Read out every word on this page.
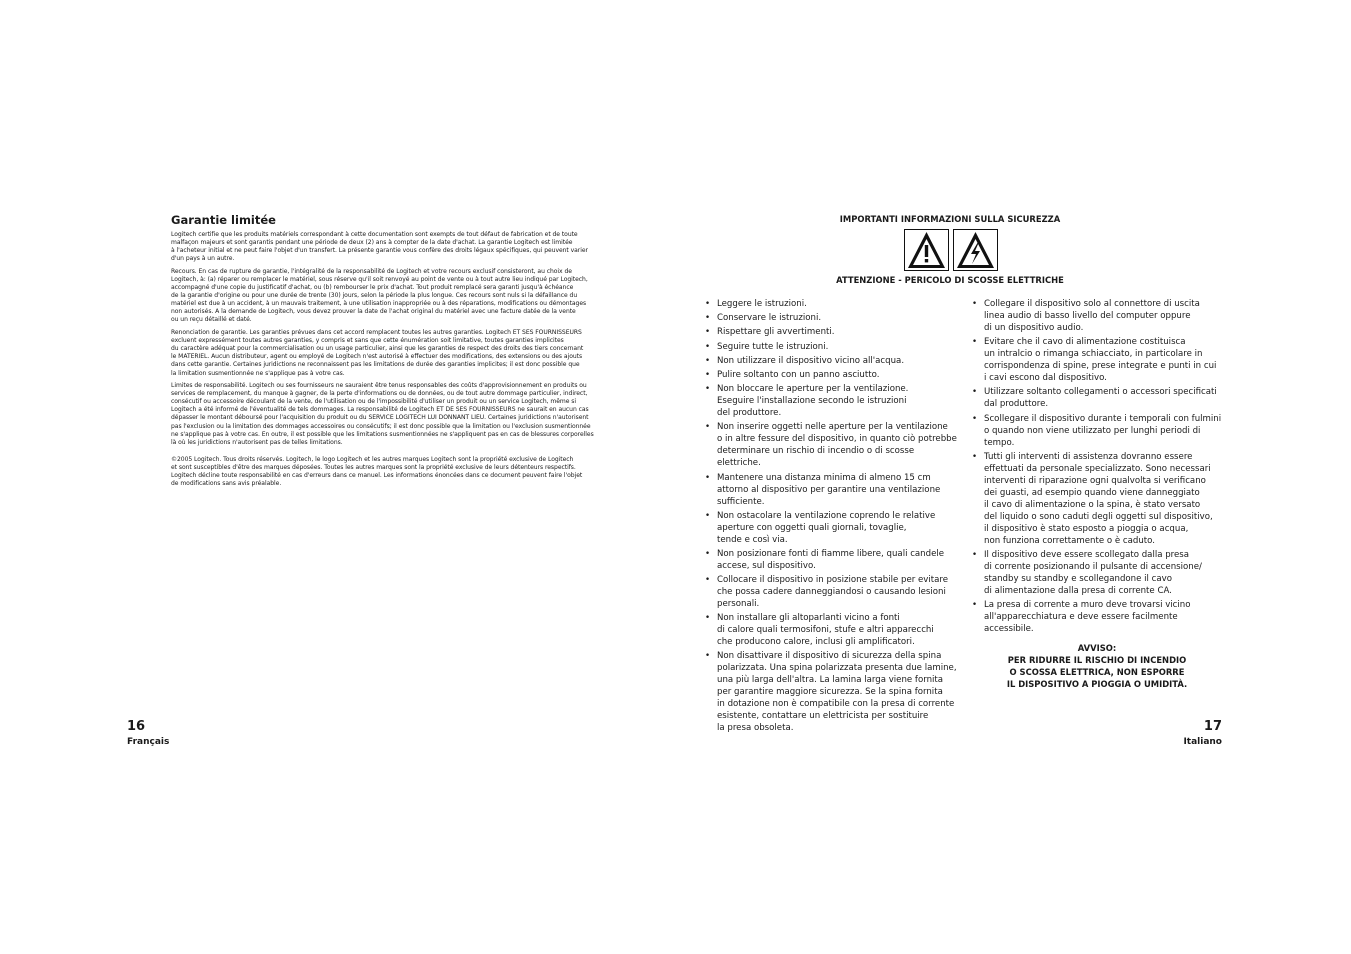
Garantie limitée

Logitech certifie que les produits matériels correspondant à cette documentation sont exempts de tout défaut de fabrication et de toute
malfaçon majeurs et sont garantis pendant une période de deux (2) ans à compter de la date d'achat. La garantie Logitech est limitée
à l'acheteur initial et ne peut faire l'objet d'un transfert. La présente garantie vous confère des droits légaux spécifiques, qui peuvent varier
d'un pays à un autre.

Recours. En cas de rupture de garantie, l'intégralité de la responsabilité de Logitech et votre recours exclusif consisteront, au choix de
Logitech, à: (a) réparer ou remplacer le matériel, sous réserve qu'il soit renvoyé au point de vente ou à tout autre lieu indiqué par Logitech,
accompagné d'une copie du justificatif d'achat, ou (b) rembourser le prix d'achat. Tout produit remplacé sera garanti jusqu'à échéance
de la garantie d'origine ou pour une durée de trente (30) jours, selon la période la plus longue. Ces recours sont nuls si la défaillance du
matériel est due à un accident, à un mauvais traitement, à une utilisation inappropriée ou à des réparations, modifications ou démontages
non autorisés. A la demande de Logitech, vous devez prouver la date de l'achat original du matériel avec une facture datée de la vente
ou un reçu détaillé et daté.

Renonciation de garantie. Les garanties prévues dans cet accord remplacent toutes les autres garanties. Logitech ET SES FOURNISSEURS
excluent expressément toutes autres garanties, y compris et sans que cette énumération soit limitative, toutes garanties implicites
du caractère adéquat pour la commercialisation ou un usage particulier, ainsi que les garanties de respect des droits des tiers concernant
le MATERIEL. Aucun distributeur, agent ou employé de Logitech n'est autorisé à effectuer des modifications, des extensions ou des ajouts
dans cette garantie. Certaines juridictions ne reconnaissent pas les limitations de durée des garanties implicites; il est donc possible que
la limitation susmentionnée ne s'applique pas à votre cas.

Limites de responsabilité. Logitech ou ses fournisseurs ne sauraient être tenus responsables des coûts d'approvisionnement en produits ou
services de remplacement, du manque à gagner, de la perte d'informations ou de données, ou de tout autre dommage particulier, indirect,
consécutif ou accessoire découlant de la vente, de l'utilisation ou de l'impossibilité d'utiliser un produit ou un service Logitech, même si
Logitech a été informé de l'éventualité de tels dommages. La responsabilité de Logitech ET DE SES FOURNISSEURS ne saurait en aucun cas
dépasser le montant déboursé pour l'acquisition du produit ou du SERVICE LOGITECH LUI DONNANT LIEU. Certaines juridictions n'autorisent
pas l'exclusion ou la limitation des dommages accessoires ou consécutifs; il est donc possible que la limitation ou l'exclusion susmentionnée
ne s'applique pas à votre cas. En outre, il est possible que les limitations susmentionnées ne s'appliquent pas en cas de blessures corporelles
là où les juridictions n'autorisent pas de telles limitations.

©2005 Logitech. Tous droits réservés. Logitech, le logo Logitech et les autres marques Logitech sont la propriété exclusive de Logitech
et sont susceptibles d'être des marques déposées. Toutes les autres marques sont la propriété exclusive de leurs détenteurs respectifs.
Logitech décline toute responsabilité en cas d'erreurs dans ce manuel. Les informations énoncées dans ce document peuvent faire l'objet
de modifications sans avis préalable.

16
Français
IMPORTANTI INFORMAZIONI SULLA SICUREZZA
ATTENZIONE - PERICOLO DI SCOSSE ELETTRICHE
• Leggere le istruzioni.
• Conservare le istruzioni.
• Rispettare gli avvertimenti.
• Seguire tutte le istruzioni.
• Non utilizzare il dispositivo vicino all'acqua.
• Pulire soltanto con un panno asciutto.
• Non bloccare le aperture per la ventilazione.
Eseguire l'installazione secondo le istruzioni
del produttore.
• Non inserire oggetti nelle aperture per la ventilazione
o in altre fessure del dispositivo, in quanto ciò potrebbe
determinare un rischio di incendio o di scosse
elettriche.
• Mantenere una distanza minima di almeno 15 cm
attorno al dispositivo per garantire una ventilazione
sufficiente.
• Non ostacolare la ventilazione coprendo le relative
aperture con oggetti quali giornali, tovaglie,
tende e così via.
• Non posizionare fonti di fiamme libere, quali candele
accese, sul dispositivo.
• Collocare il dispositivo in posizione stabile per evitare
che possa cadere danneggiandosi o causando lesioni
personali.
• Non installare gli altoparlanti vicino a fonti
di calore quali termosifoni, stufe e altri apparecchi
che producono calore, inclusi gli amplificatori.
• Non disattivare il dispositivo di sicurezza della spina
polarizzata. Una spina polarizzata presenta due lamine,
una più larga dell'altra. La lamina larga viene fornita
per garantire maggiore sicurezza. Se la spina fornita
in dotazione non è compatibile con la presa di corrente
esistente, contattare un elettricista per sostituire
la presa obsoleta.
• Collegare il dispositivo solo al connettore di uscita
linea audio di basso livello del computer oppure
di un dispositivo audio.
• Evitare che il cavo di alimentazione costituisca
un intralcio o rimanga schiacciato, in particolare in
corrispondenza di spine, prese integrate e punti in cui
i cavi escono dal dispositivo.
• Utilizzare soltanto collegamenti o accessori specificati
dal produttore.
• Scollegare il dispositivo durante i temporali con fulmini
o quando non viene utilizzato per lunghi periodi di
tempo.
• Tutti gli interventi di assistenza dovranno essere
effettuati da personale specializzato. Sono necessari
interventi di riparazione ogni qualvolta si verificano
dei guasti, ad esempio quando viene danneggiato
il cavo di alimentazione o la spina, è stato versato
del liquido o sono caduti degli oggetti sul dispositivo,
il dispositivo è stato esposto a pioggia o acqua,
non funziona correttamente o è caduto.
• Il dispositivo deve essere scollegato dalla presa
di corrente posizionando il pulsante di accensione/
standby su standby e scollegandone il cavo
di alimentazione dalla presa di corrente CA.
• La presa di corrente a muro deve trovarsi vicino
all'apparecchiatura e deve essere facilmente accessibile.
AVVISO:
PER RIDURRE IL RISCHIO DI INCENDIO
O SCOSSA ELETTRICA, NON ESPORRE
IL DISPOSITIVO A PIOGGIA O UMIDITÀ.
17
Italiano
